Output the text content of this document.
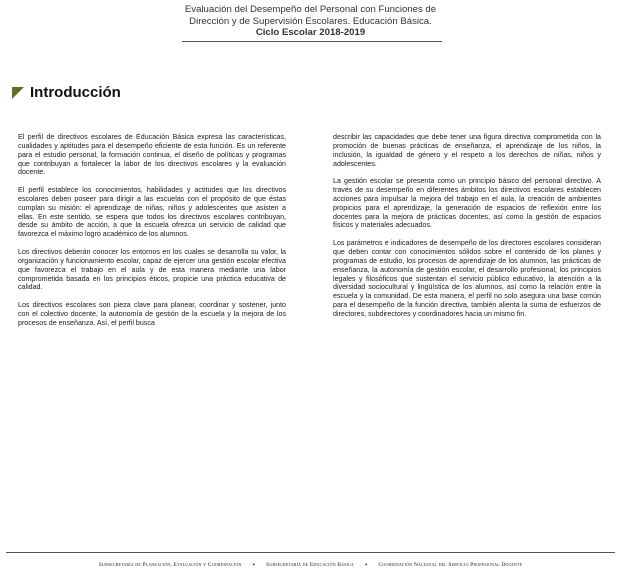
Evaluación del Desempeño del Personal con Funciones de
Dirección y de Supervisión Escolares. Educación Básica.
Ciclo Escolar 2018-2019
Introducción

El perfil de directivos escolares de Educación Básica expresa las características, cualidades y aptitudes para el desempeño eficiente de esta función. Es un referente para el estudio personal, la formación continua, el diseño de políticas y programas que contribuyan a fortalecer la labor de los directivos escolares y la evaluación docente.

El perfil establece los conocimientos, habilidades y actitudes que los directivos escolares deben poseer para dirigir a las escuelas con el propósito de que éstas cumplan su misión: el aprendizaje de niñas, niños y adolescentes que asisten a ellas. En este sentido, se espera que todos los directivos escolares contribuyan, desde su ámbito de acción, a que la escuela ofrezca un servicio de calidad que favorezca el máximo logro académico de los alumnos.

Los directivos deberán conocer los entornos en los cuales se desarrolla su valor, la organización y funcionamiento escolar, capaz de ejercer una gestión escolar efectiva que favorezca el trabajo en el aula y de esta manera mediante una labor comprometida basada en los principios éticos, propicie una práctica educativa de calidad.

Los directivos escolares son pieza clave para planear, coordinar y sostener, junto con el colectivo docente, la autonomía de gestión de la escuela y la mejora de los procesos de enseñanza. Así, el perfil busca

describir las capacidades que debe tener una figura directiva comprometida con la promoción de buenas prácticas de enseñanza, el aprendizaje de los niños, la inclusión, la igualdad de género y el respeto a los derechos de niñas, niños y adolescentes.

La gestión escolar se presenta como un principio básico del personal directivo. A través de su desempeño en diferentes ámbitos los directivos escolares establecen acciones para impulsar la mejora del trabajo en el aula, la creación de ambientes propicios para el aprendizaje, la generación de espacios de reflexión entre los docentes para la mejora de prácticas docentes, así como la gestión de espacios físicos y materiales adecuados.

Los parámetros e indicadores de desempeño de los directores escolares consideran que deben contar con conocimientos sólidos sobre el contenido de los planes y programas de estudio, los procesos de aprendizaje de los alumnos, las prácticas de enseñanza, la autonomía de gestión escolar, el desarrollo profesional, los principios legales y filosóficos que sustentan el servicio público educativo, la atención a la diversidad sociocultural y lingüística de los alumnos, así como la relación entre la escuela y la comunidad. De esta manera, el perfil no solo asegura una base común para el desempeño de la función directiva, también alienta la suma de esfuerzos de directores, subdirectores y coordinadores hacia un mismo fin.

Subsecretaría de Planeación, Evaluación y Coordinación • Subsecretaría de Educación Básica • Coordinación Nacional del Servicio Profesional Docente
